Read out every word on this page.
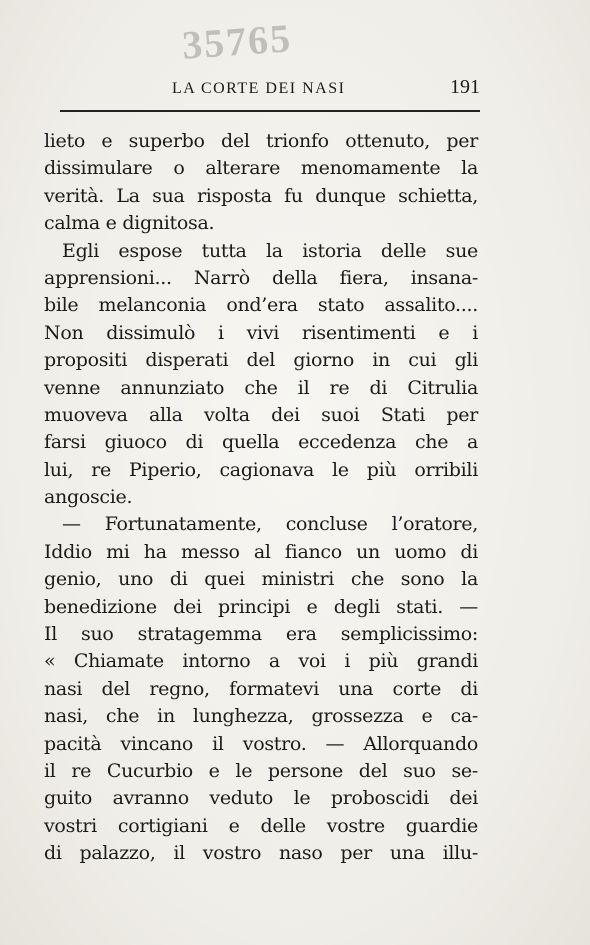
35765
LA CORTE DEI NASI	191
lieto e superbo del trionfo ottenuto, per
dissimulare o alterare menomamente la
verità. La sua risposta fu dunque schietta,
calma e dignitosa.
Egli espose tutta la istoria delle sue
apprensioni... Narrò della fiera, insana-
bile melanconia ond’era stato assalito....
Non dissimulò i vivi risentimenti e i
propositi disperati del giorno in cui gli
venne annunziato che il re di Citrulia
muoveva alla volta dei suoi Stati per
farsi giuoco di quella eccedenza che a
lui, re Piperio, cagionava le più orribili
angoscie.
— Fortunatamente, concluse l’oratore,
Iddio mi ha messo al fianco un uomo di
genio, uno di quei ministri che sono la
benedizione dei principi e degli stati. —
Il suo stratagemma era semplicissimo:
« Chiamate intorno a voi i più grandi
nasi del regno, formatevi una corte di
nasi, che in lunghezza, grossezza e ca-
pacità vincano il vostro. — Allorquando
il re Cucurbio e le persone del suo se-
guito avranno veduto le proboscidi dei
vostri cortigiani e delle vostre guardie
di palazzo, il vostro naso per una illu-
